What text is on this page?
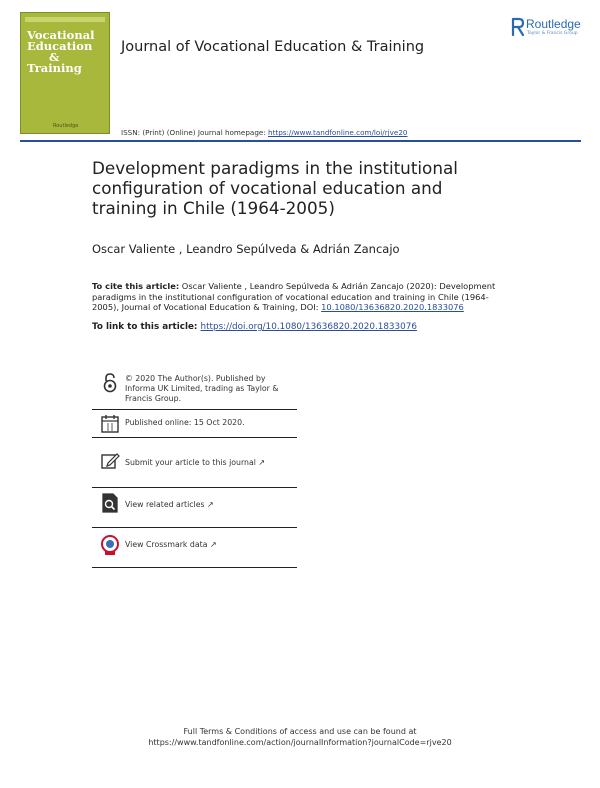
Vocational
Education
&
Training
Routledge
Journal of Vocational Education & Training
ISSN: (Print) (Online) Journal homepage: https://www.tandfonline.com/loi/rjve20
Routledge
Taylor & Francis Group
Development paradigms in the institutional configuration of vocational education and training in Chile (1964-2005)
Oscar Valiente , Leandro Sepúlveda & Adrián Zancajo
To cite this article: Oscar Valiente , Leandro Sepúlveda & Adrián Zancajo (2020): Development paradigms in the institutional configuration of vocational education and training in Chile (1964-2005), Journal of Vocational Education & Training, DOI: 10.1080/13636820.2020.1833076
To link to this article: https://doi.org/10.1080/13636820.2020.1833076
© 2020 The Author(s). Published by Informa UK Limited, trading as Taylor & Francis Group.
Published online: 15 Oct 2020.
Submit your article to this journal ↗
View related articles ↗
View Crossmark data ↗
Full Terms & Conditions of access and use can be found at
https://www.tandfonline.com/action/journalInformation?journalCode=rjve20
